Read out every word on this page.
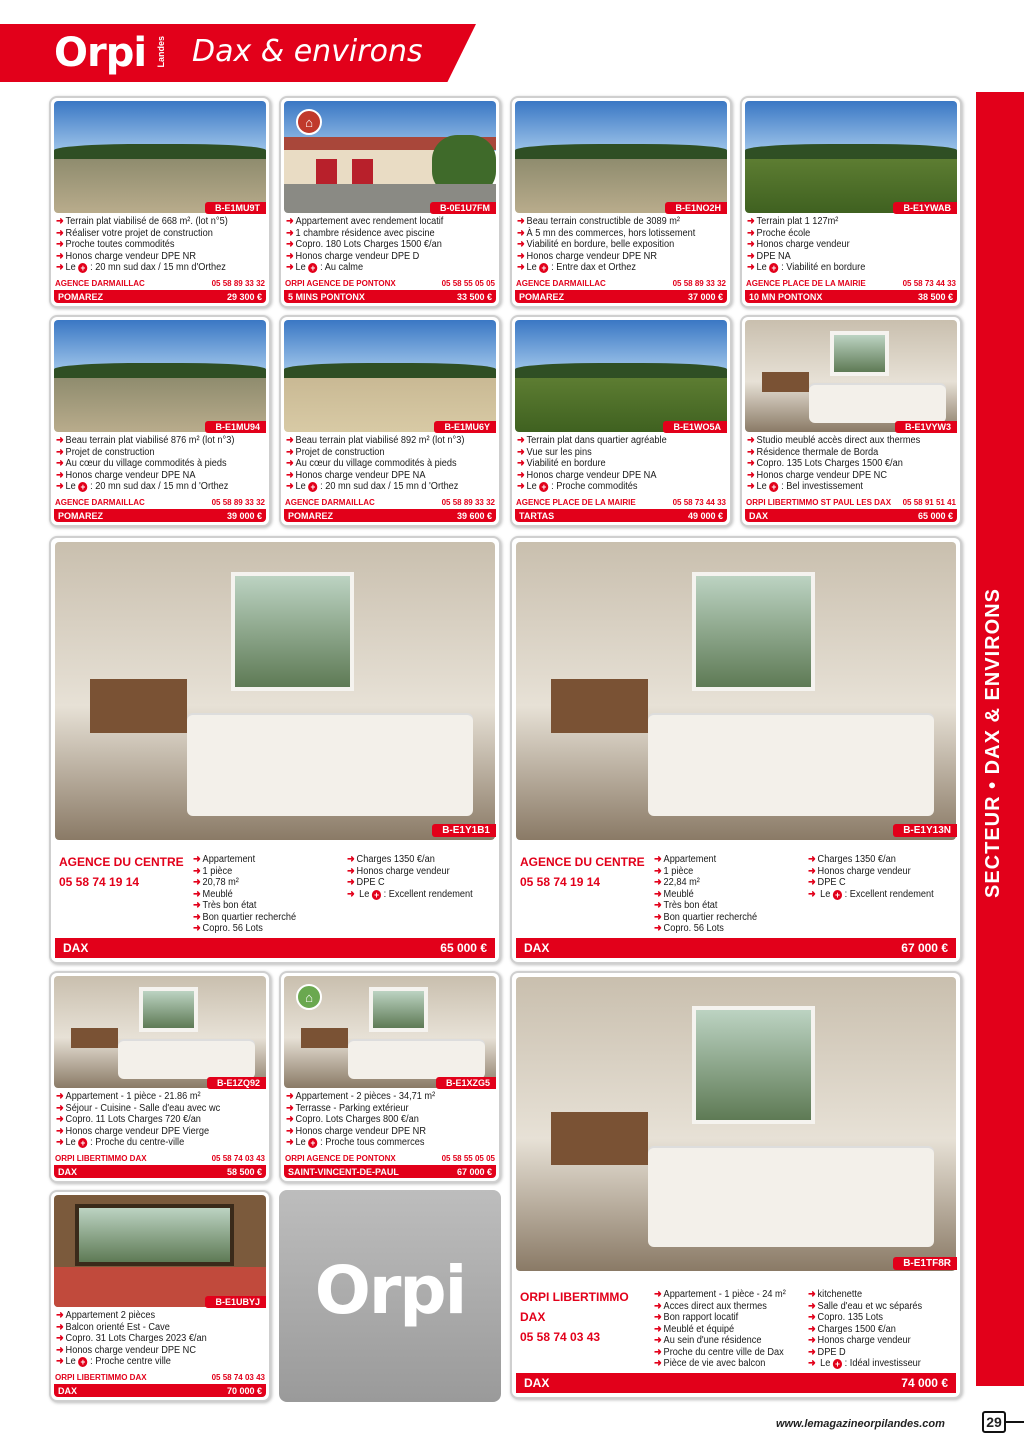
Orpi Landes Dax & environs
SECTEUR • DAX & ENVIRONS
B-E1MU9T
➜ Terrain plat viabilisé de 668 m². (lot n°5)
➜ Réaliser votre projet de construction
➜ Proche toutes commodités
➜ Honos charge vendeur DPE NR
➜ Le + : 20 mn sud dax / 15 mn d'Orthez
AGENCE DARMAILLAC	05 58 89 33 32
POMAREZ	29 300 €
⌂
B-0E1U7FM
➜ Appartement avec rendement locatif
➜ 1 chambre résidence avec piscine
➜ Copro. 180 Lots Charges 1500 €/an
➜ Honos charge vendeur DPE D
➜ Le + : Au calme
ORPI AGENCE DE PONTONX	05 58 55 05 05
5 MINS PONTONX	33 500 €
B-E1NO2H
➜ Beau terrain constructible de 3089 m²
➜ À 5 mn des commerces, hors lotissement
➜ Viabilité en bordure, belle exposition
➜ Honos charge vendeur DPE NR
➜ Le + : Entre dax et Orthez
AGENCE DARMAILLAC	05 58 89 33 32
POMAREZ	37 000 €
B-E1YWAB
➜ Terrain plat 1 127m²
➜ Proche école
➜ Honos charge vendeur
➜ DPE NA
➜ Le + : Viabilité en bordure
AGENCE PLACE DE LA MAIRIE	05 58 73 44 33
10 MN PONTONX	38 500 €
B-E1MU94
➜ Beau terrain plat viabilisé 876 m² (lot n°3)
➜ Projet de construction
➜ Au cœur du village commodités à pieds
➜ Honos charge vendeur DPE NA
➜ Le + : 20 mn sud dax / 15 mn d 'Orthez
AGENCE DARMAILLAC	05 58 89 33 32
POMAREZ	39 000 €
B-E1MU6Y
➜ Beau terrain plat viabilisé 892 m² (lot n°3)
➜ Projet de construction
➜ Au cœur du village commodités à pieds
➜ Honos charge vendeur DPE NA
➜ Le + : 20 mn sud dax / 15 mn d 'Orthez
AGENCE DARMAILLAC	05 58 89 33 32
POMAREZ	39 600 €
B-E1WO5A
➜ Terrain plat dans quartier agréable
➜ Vue sur les pins
➜ Viabilité en bordure
➜ Honos charge vendeur DPE NA
➜ Le + : Proche commodités
AGENCE PLACE DE LA MAIRIE	05 58 73 44 33
TARTAS	49 000 €
B-E1VYW3
➜ Studio meublé accès direct aux thermes
➜ Résidence thermale de Borda
➜ Copro. 135 Lots Charges 1500 €/an
➜ Honos charge vendeur DPE NC
➜ Le + : Bel investissement
ORPI LIBERTIMMO ST PAUL LES DAX 05 58 91 51 41
DAX	65 000 €
B-E1ZQ92
➜ Appartement - 1 pièce - 21.86 m²
➜ Séjour - Cuisine - Salle d'eau avec wc
➜ Copro. 11 Lots Charges 720 €/an
➜ Honos charge vendeur DPE Vierge
➜ Le + : Proche du centre-ville
ORPI LIBERTIMMO DAX	05 58 74 03 43
DAX	58 500 €
⌂
B-E1XZG5
➜ Appartement - 2 pièces - 34,71 m²
➜ Terrasse - Parking extérieur
➜ Copro. Lots Charges 800 €/an
➜ Honos charge vendeur DPE NR
➜ Le + : Proche tous commerces
ORPI AGENCE DE PONTONX	05 58 55 05 05
SAINT-VINCENT-DE-PAUL	67 000 €
B-E1UBYJ
➜ Appartement 2 pièces
➜ Balcon orienté Est - Cave
➜ Copro. 31 Lots Charges 2023 €/an
➜ Honos charge vendeur DPE NC
➜ Le + : Proche centre ville
ORPI LIBERTIMMO DAX	05 58 74 03 43
DAX	70 000 €
B-E1Y1B1
AGENCE DU CENTRE
05 58 74 19 14
➜ Appartement
➜ 1 pièce
➜ 20,78 m²
➜ Meublé
➜ Très bon état
➜ Bon quartier recherché
➜ Copro. 56 Lots
➜ Charges 1350 €/an
➜ Honos charge vendeur
➜ DPE C
➜ Le + : Excellent rendement
DAX	65 000 €
B-E1Y13N
AGENCE DU CENTRE
05 58 74 19 14
➜ Appartement
➜ 1 pièce
➜ 22,84 m²
➜ Meublé
➜ Très bon état
➜ Bon quartier recherché
➜ Copro. 56 Lots
➜ Charges 1350 €/an
➜ Honos charge vendeur
➜ DPE C
➜ Le + : Excellent rendement
DAX	67 000 €
B-E1TF8R
ORPI LIBERTIMMO
DAX
05 58 74 03 43
➜ Appartement - 1 pièce - 24 m²
➜ Acces direct aux thermes
➜ Bon rapport locatif
➜ Meublé et équipé
➜ Au sein d'une résidence
➜ Proche du centre ville de Dax
➜ Pièce de vie avec balcon
➜ kitchenette
➜ Salle d'eau et wc séparés
➜ Copro. 135 Lots
➜ Charges 1500 €/an
➜ Honos charge vendeur
➜ DPE D
➜ Le + : Idéal investisseur
DAX	74 000 €
Orpi
www.lemagazineorpilandes.com	29
